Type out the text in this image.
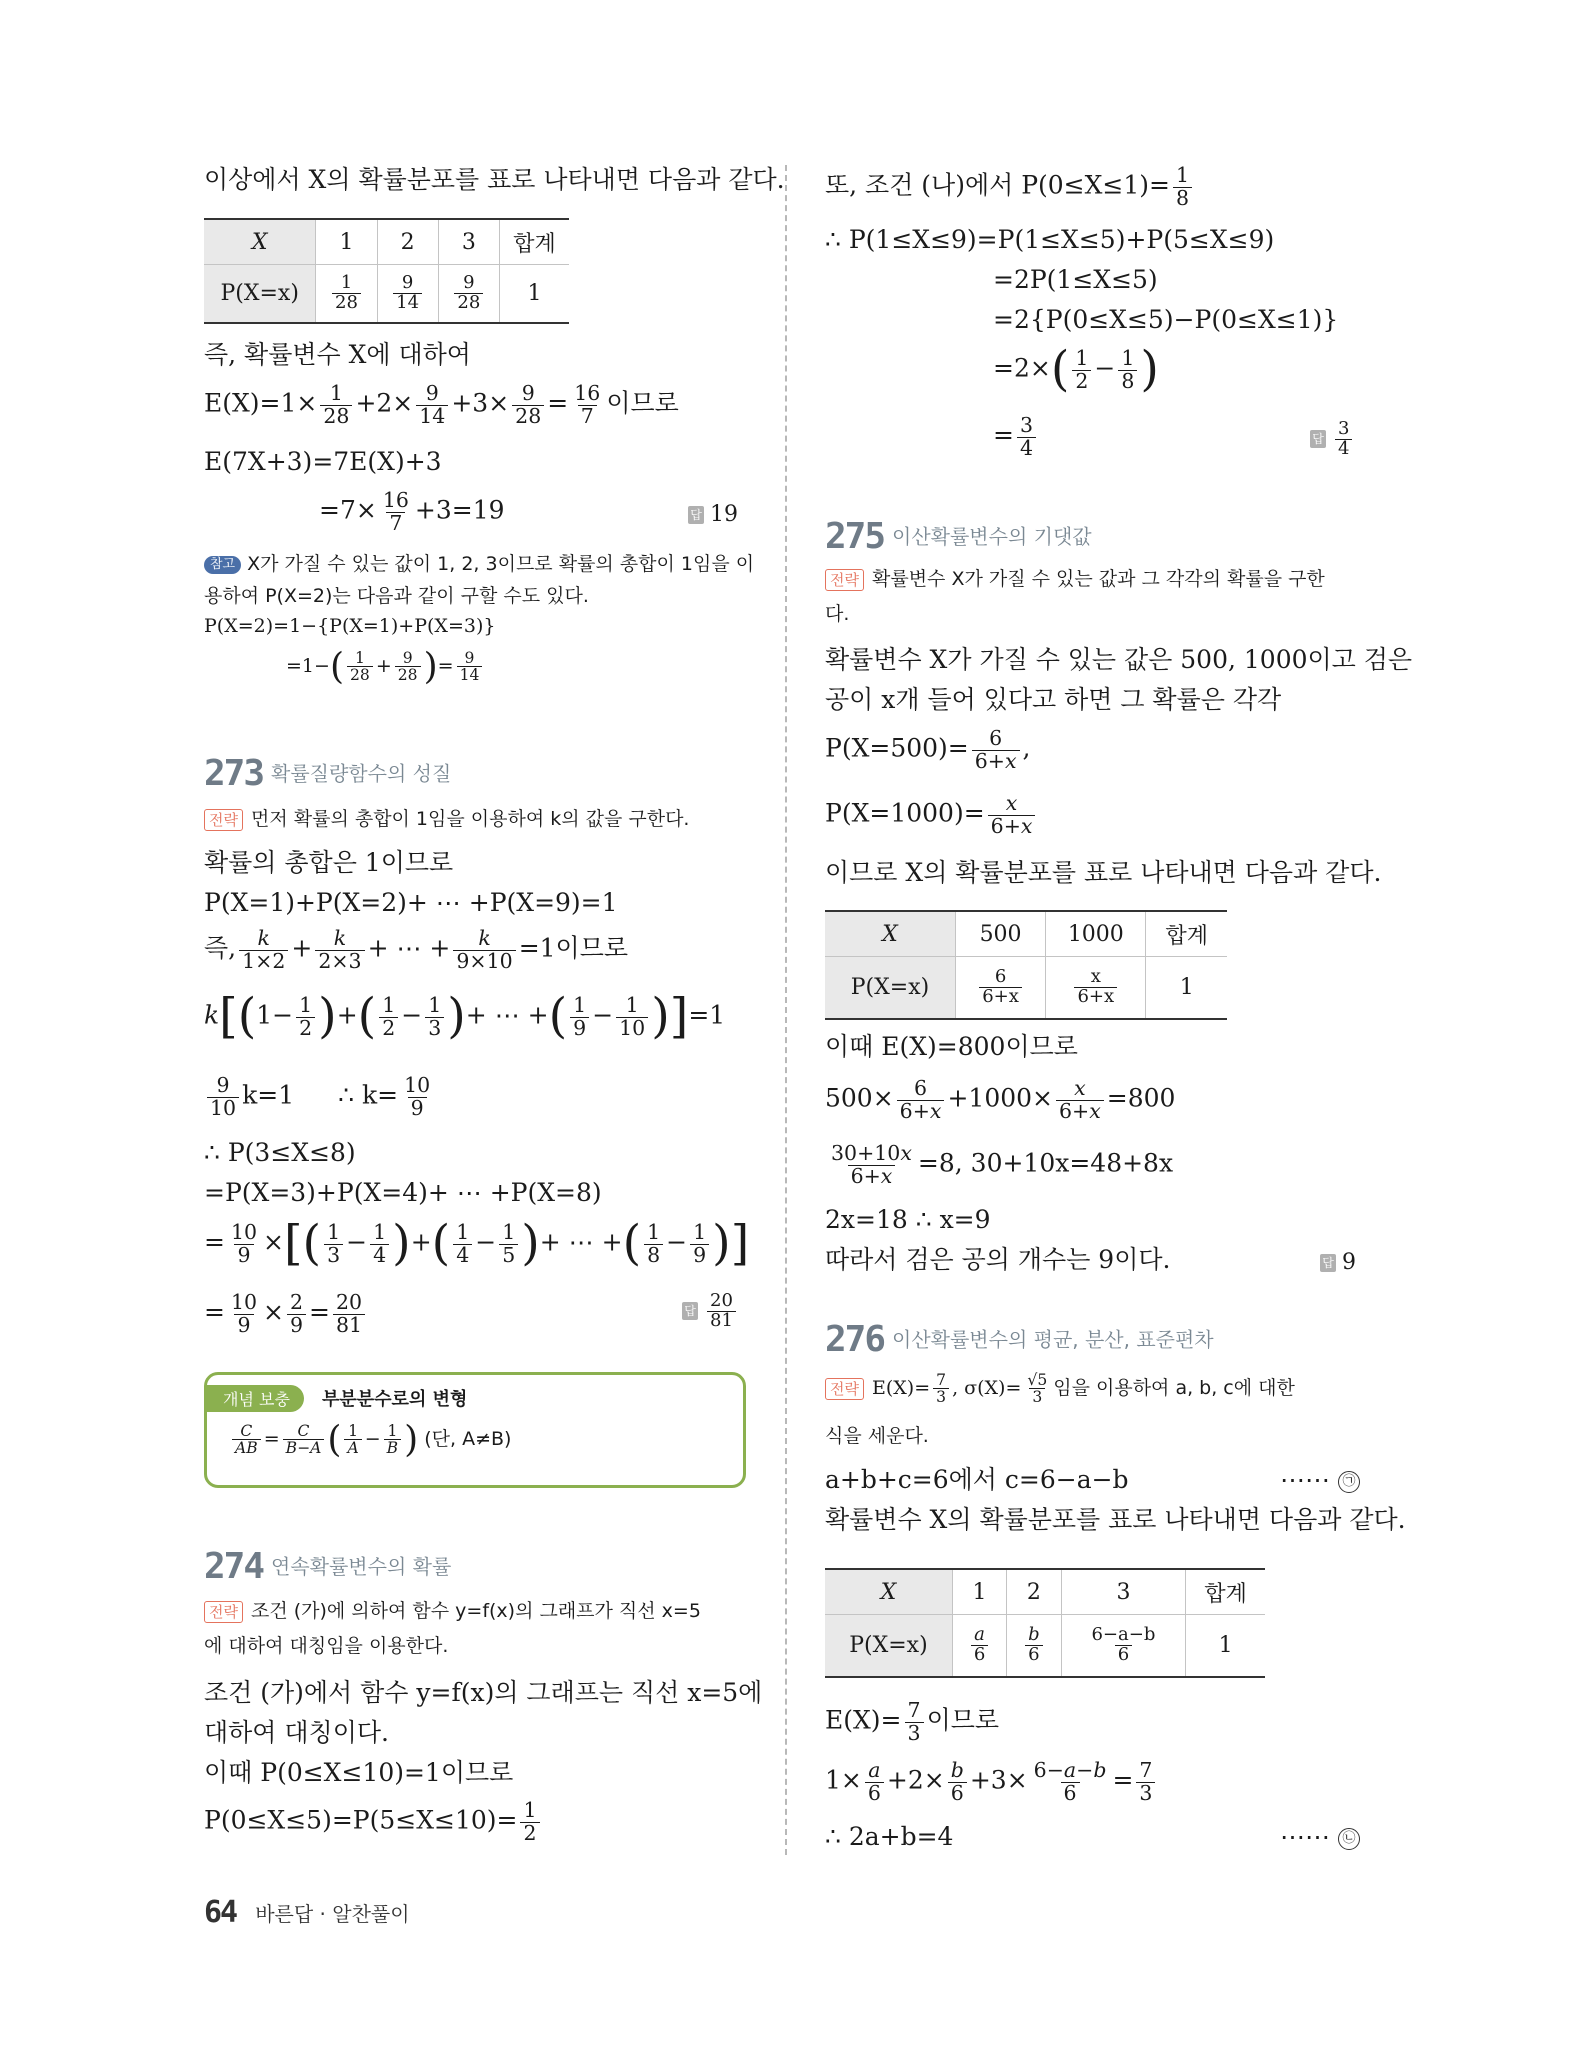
이상에서 X의 확률분포를 표로 나타내면 다음과 같다.
X	1	2	3	합계
P(X=x)	$\frac{1}{28}$	$\frac{9}{14}$	$\frac{9}{28}$	1
즉, 확률변수 X에 대하여
$E(X)=1\times \frac{1}{28} +2\times \frac{9}{14} +3\times \frac{9}{28} = \frac{16}{7}$ 이므로
E(7X+3)=7E(X)+3
$=7\times \frac{16}{7} +3=19$	답 19
참고 X가 가질 수 있는 값이 1, 2, 3이므로 확률의 총합이 1임을 이
용하여 P(X=2)는 다음과 같이 구할 수도 있다.
P(X=2)=1−{P(X=1)+P(X=3)}
$=1-( \frac{1}{28} + \frac{9}{28}$ )= $\frac{9}{14}$
273 확률질량함수의 성질
전략 먼저 확률의 총합이 1임을 이용하여 k의 값을 구한다.
확률의 총합은 1이므로
P(X=1)+P(X=2)+ ⋯ +P(X=9)=1
즉, $\frac{k}{1\times 2} + \frac{k}{2\times 3}$ + ⋯ + $\frac{k}{9\times 10} =1$이므로
$k[(1- \frac{1}{2}$ )+( $\frac{1}{2} - \frac{1}{3}$ )+ ⋯ +( $\frac{1}{9} - \frac{1}{10} )]=1$
$\frac{9}{10} k=1$ ∴ $k= \frac{10}{9}$
∴ P(3≤X≤8)
=P(X=3)+P(X=4)+ ⋯ +P(X=8)
= $\frac{10}{9}$ ×[( $\frac{1}{3} - \frac{1}{4}$ )+( $\frac{1}{4} - \frac{1}{5}$ )+ ⋯ +( $\frac{1}{8} - \frac{1}{9}$ )]
= $\frac{10}{9} \times \frac{2}{9} = \frac{20}{81}$	답 $\frac{20}{81}$
개념 보충	부분분수로의 변형
$\frac{C}{AB} = \frac{C}{B-A}$ ( $\frac{1}{A} - \frac{1}{B}$ ) (단, A≠B)
274 연속확률변수의 확률
전략 조건 (가)에 의하여 함수 y=f(x)의 그래프가 직선 x=5
에 대하여 대칭임을 이용한다.
조건 (가)에서 함수 y=f(x)의 그래프는 직선 x=5에
대하여 대칭이다.
이때 P(0≤X≤10)=1이므로
$P(0\le X\le 5)=P(5\le X\le 10)= \frac{1}{2}$
또, 조건 (나)에서 $P(0\le X\le 1)= \frac{1}{8}$
∴ P(1≤X≤9)=P(1≤X≤5)+P(5≤X≤9)
=2P(1≤X≤5)
=2{P(0≤X≤5)−P(0≤X≤1)}
$=2\times( \frac{1}{2} - \frac{1}{8}$ )
= $\frac{3}{4}$	답 $\frac{3}{4}$
275 이산확률변수의 기댓값
전략 확률변수 X가 가질 수 있는 값과 그 각각의 확률을 구한
다.
확률변수 X가 가질 수 있는 값은 500, 1000이고 검은
공이 x개 들어 있다고 하면 그 확률은 각각
$P(X=500)= \frac{6}{6+x}$ ,
$P(X=1000)= \frac{x}{6+x}$
이므로 X의 확률분포를 표로 나타내면 다음과 같다.
X	500	1000	합계
P(X=x)	$\frac{6}{6+x}$	$\frac{x}{6+x}$	1
이때 E(X)=800이므로
$500\times \frac{6}{6+x} +1000\times \frac{x}{6+x} =800$
$\frac{30+10x}{6+x} =8$, 30+10x=48+8x
2x=18 ∴ x=9
따라서 검은 공의 개수는 9이다.	답 9
276 이산확률변수의 평균, 분산, 표준편차
전략 $E(X)= \frac{7}{3}$ , $\sigma(X)= \frac{√5}{3}$ 임을 이용하여 a, b, c에 대한
식을 세운다.
a+b+c=6에서 c=6−a−b	⋯⋯ ㉠
확률변수 X의 확률분포를 표로 나타내면 다음과 같다.
X	1	2	3	합계
P(X=x)	$\frac{a}{6}$	$\frac{b}{6}$	$\frac{6-a-b}{6}$	1
$E(X)= \frac{7}{3}$ 이므로
$1\times \frac{a}{6} +2\times \frac{b}{6} +3\times \frac{6-a-b}{6} = \frac{7}{3}$
∴ 2a+b=4	⋯⋯ ㉡
64 바른답 · 알찬풀이
